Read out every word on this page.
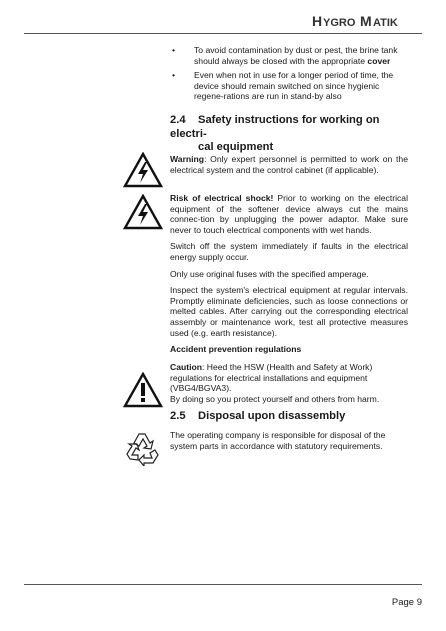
H YGRO M ATIK
• To avoid contamination by dust or pest, the brine tank should always be closed with the appropriate cover
• Even when not in use for a longer period of time, the device should remain switched on since hygienic regene-rations are run in stand-by also
2.4 Safety instructions for working on electri-
cal equipment

Warning: Only expert personnel is permitted to work on the electrical system and the control cabinet (if applicable).

Risk of electrical shock! Prior to working on the electrical equipment of the softener device always cut the mains connec-tion by unplugging the power adaptor. Make sure never to touch electrical components with wet hands.

Switch off the system immediately if faults in the electrical energy supply occur.

Only use original fuses with the specified amperage.

Inspect the system's electrical equipment at regular intervals. Promptly eliminate deficiencies, such as loose connections or melted cables. After carrying out the corresponding electrical assembly or maintenance work, test all protective measures used (e.g. earth resistance).

Accident prevention regulations

Caution: Heed the HSW (Health and Safety at Work) regulations for electrical installations and equipment (VBG4/BGVA3).

By doing so you protect yourself and others from harm.

2.5 Disposal upon disassembly

The operating company is responsible for disposal of the system parts in accordance with statutory requirements.

Page 9
